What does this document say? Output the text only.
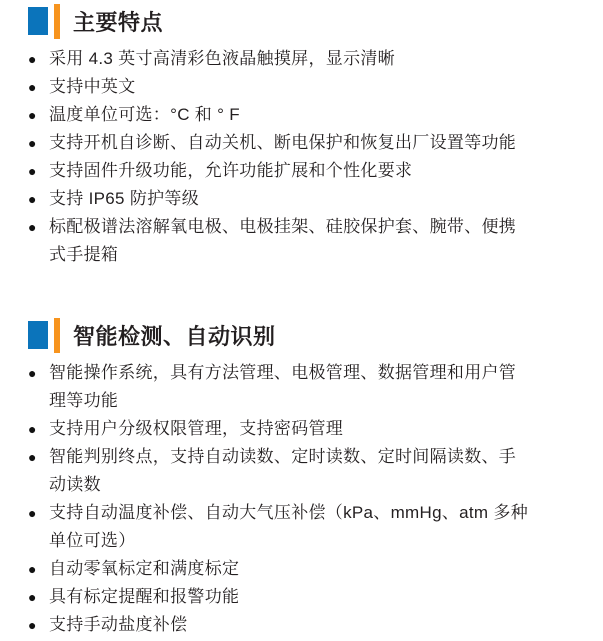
主要特点
● 采用 4.3 英寸高清彩色液晶触摸屏，显示清晰
● 支持中英文
● 温度单位可选：°C 和 ° F
● 支持开机自诊断、自动关机、断电保护和恢复出厂设置等功能
● 支持固件升级功能，允许功能扩展和个性化要求
● 支持 IP65 防护等级
● 标配极谱法溶解氧电极、电极挂架、硅胶保护套、腕带、便携式手提箱
智能检测、自动识别
● 智能操作系统，具有方法管理、电极管理、数据管理和用户管理等功能
● 支持用户分级权限管理，支持密码管理
● 智能判别终点，支持自动读数、定时读数、定时间隔读数、手动读数
● 支持自动温度补偿、自动大气压补偿（kPa、mmHg、atm 多种单位可选）
● 自动零氧标定和满度标定
● 具有标定提醒和报警功能
● 支持手动盐度补偿
